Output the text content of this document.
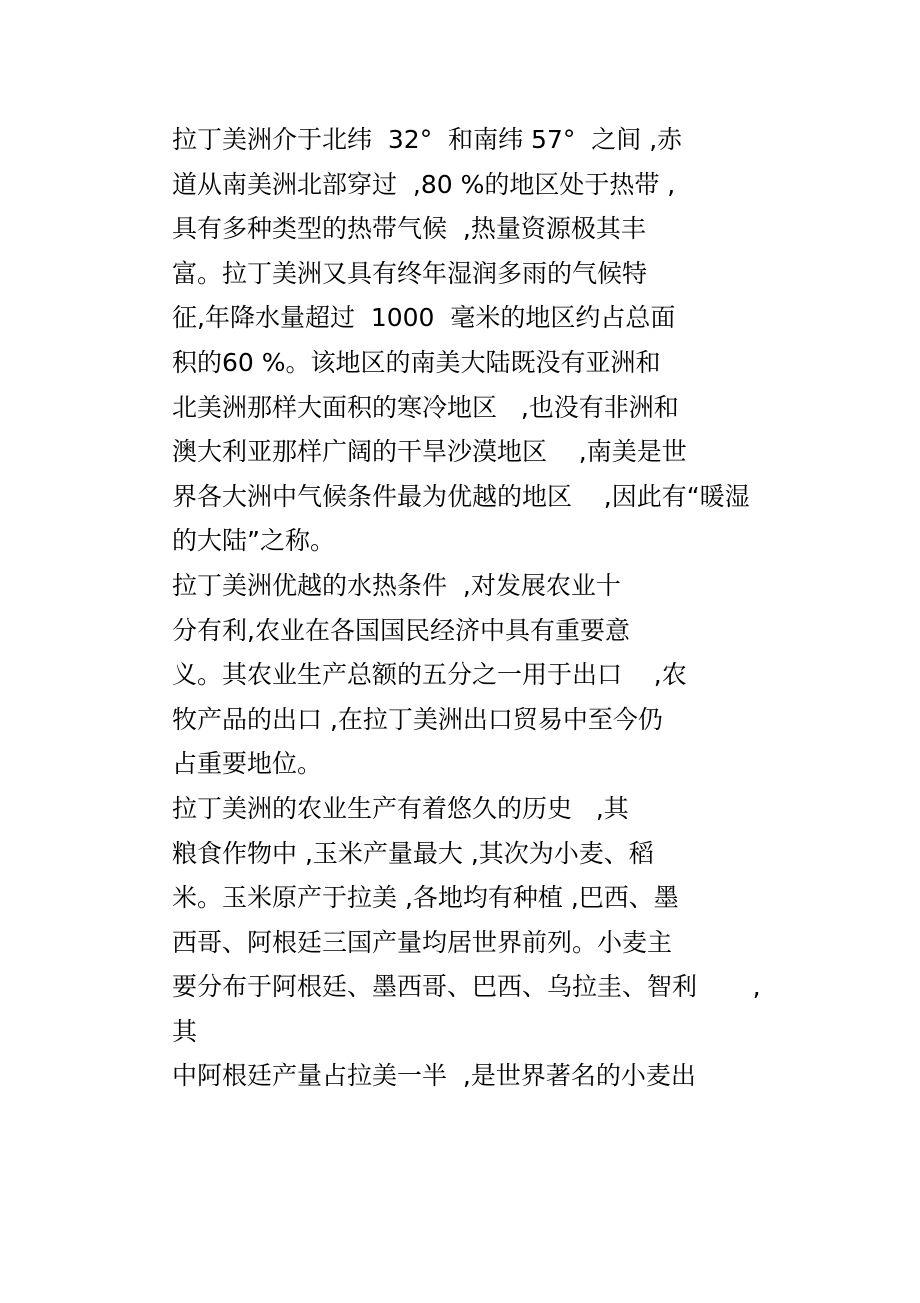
拉丁美洲介于北纬  32°  和南纬 57°  之间 ,赤
道从南美洲北部穿过  ,80 %的地区处于热带 ,
具有多种类型的热带气候  ,热量资源极其丰
富。拉丁美洲又具有终年湿润多雨的气候特
征,年降水量超过  1000  毫米的地区约占总面
积的60 %。该地区的南美大陆既没有亚洲和
北美洲那样大面积的寒冷地区   ,也没有非洲和
澳大利亚那样广阔的干旱沙漠地区    ,南美是世
界各大洲中气候条件最为优越的地区    ,因此有“暖湿
的大陆”之称。
拉丁美洲优越的水热条件  ,对发展农业十
分有利,农业在各国国民经济中具有重要意
义。其农业生产总额的五分之一用于出口    ,农
牧产品的出口 ,在拉丁美洲出口贸易中至今仍
占重要地位。
拉丁美洲的农业生产有着悠久的历史   ,其
粮食作物中 ,玉米产量最大 ,其次为小麦、稻
米。玉米原产于拉美 ,各地均有种植 ,巴西、墨
西哥、阿根廷三国产量均居世界前列。小麦主
要分布于阿根廷、墨西哥、巴西、乌拉圭、智利       ,
其
中阿根廷产量占拉美一半  ,是世界著名的小麦出
